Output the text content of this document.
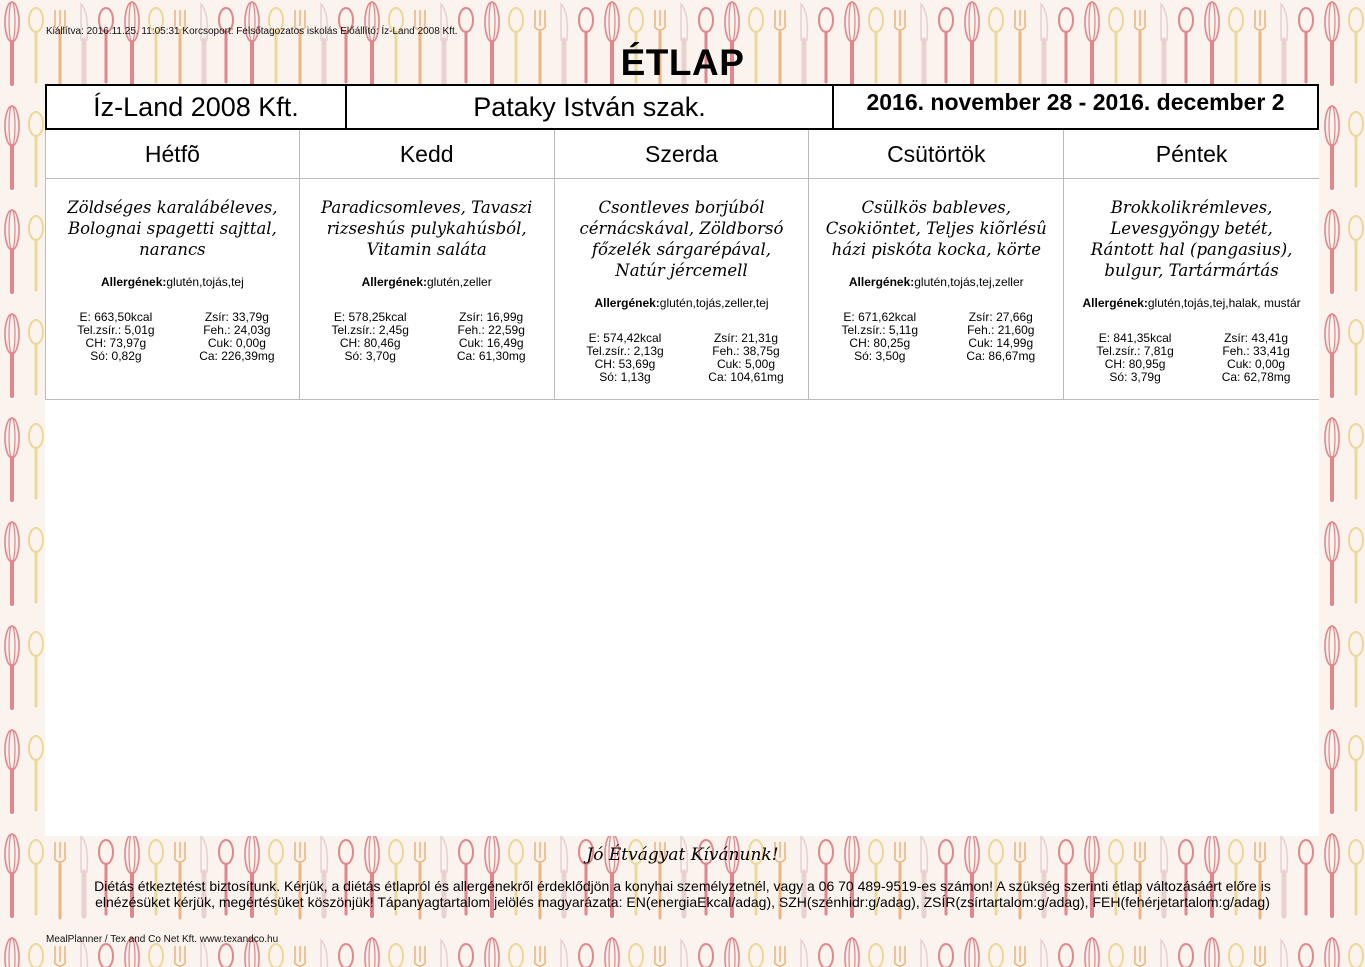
Kiállítva: 2016.11.25. 11:05:31 Korcsoport: Felsőtagozatos iskolás Előállító: Íz-Land 2008 Kft.
ÉTLAP
Íz-Land 2008 Kft.	Pataky István szak.	2016. november 28 - 2016. december 2
Hétfõ
Zöldséges karalábéleves, Bolognai spagetti sajttal, narancs
Allergének:glutén,tojás,tej
E: 663,50kcal
Tel.zsír.: 5,01g
CH: 73,97g
Só: 0,82g
Zsír: 33,79g
Feh.: 24,03g
Cuk: 0,00g
Ca: 226,39mg
Kedd
Paradicsomleves, Tavaszi rizseshús pulykahúsból, Vitamin saláta
Allergének:glutén,zeller
E: 578,25kcal
Tel.zsír.: 2,45g
CH: 80,46g
Só: 3,70g
Zsír: 16,99g
Feh.: 22,59g
Cuk: 16,49g
Ca: 61,30mg
Szerda
Csontleves borjúból cérnácskával, Zöldborsó főzelék sárgarépával, Natúr jércemell
Allergének:glutén,tojás,zeller,tej
E: 574,42kcal
Tel.zsír.: 2,13g
CH: 53,69g
Só: 1,13g
Zsír: 21,31g
Feh.: 38,75g
Cuk: 5,00g
Ca: 104,61mg
Csütörtök
Csülkös bableves, Csokiöntet, Teljes kiõrlésû házi piskóta kocka, körte
Allergének:glutén,tojás,tej,zeller
E: 671,62kcal
Tel.zsír.: 5,11g
CH: 80,25g
Só: 3,50g
Zsír: 27,66g
Feh.: 21,60g
Cuk: 14,99g
Ca: 86,67mg
Péntek
Brokkolikrémleves, Levesgyöngy betét, Rántott hal (pangasius), bulgur, Tartármártás
Allergének:glutén,tojás,tej,halak, mustár
E: 841,35kcal
Tel.zsír.: 7,81g
CH: 80,95g
Só: 3,79g
Zsír: 43,41g
Feh.: 33,41g
Cuk: 0,00g
Ca: 62,78mg
Jó Étvágyat Kívánunk!
Diétás étkeztetést biztosítunk. Kérjük, a diétás étlapról és allergénekről érdeklődjön a konyhai személyzetnél, vagy a 06 70 489-9519-es számon! A szükség szerinti étlap változásáért előre is elnézésüket kérjük, megértésüket köszönjük! Tápanyagtartalom jelölés magyarázata: EN(energiaEkcal/adag), SZH(szénhidr:g/adag), ZSÍR(zsírtartalom:g/adag), FEH(fehérjetartalom:g/adag)
MealPlanner / Tex and Co Net Kft. www.texandco.hu
